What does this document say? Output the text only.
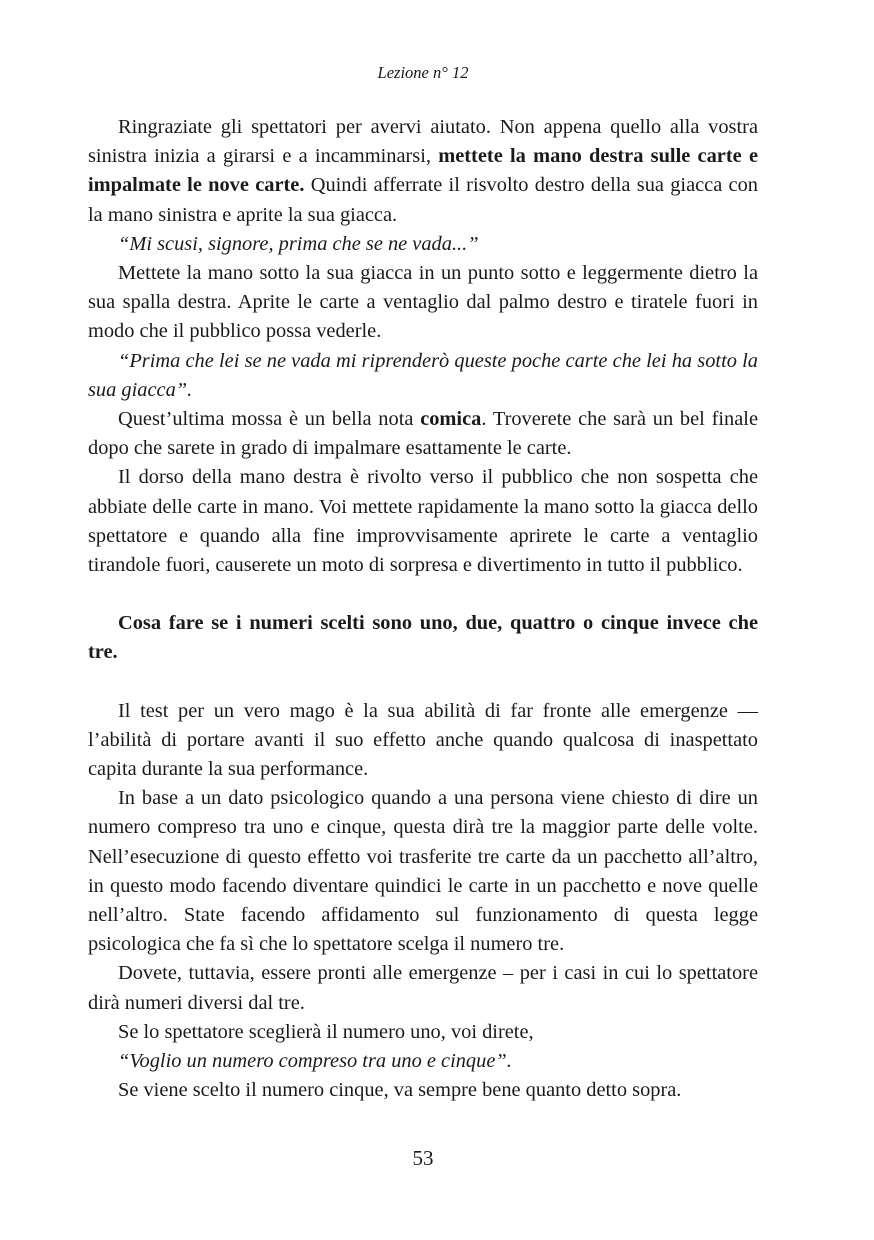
Lezione n° 12

Ringraziate gli spettatori per avervi aiutato. Non appena quello alla vostra sinistra inizia a girarsi e a incamminarsi, mettete la mano destra sulle carte e impalmate le nove carte. Quindi afferrate il risvolto destro della sua giacca con la mano sinistra e aprite la sua giacca.

“Mi scusi, signore, prima che se ne vada...”

Mettete la mano sotto la sua giacca in un punto sotto e leggermente dietro la sua spalla destra. Aprite le carte a ventaglio dal palmo destro e tiratele fuori in modo che il pubblico possa vederle.

“Prima che lei se ne vada mi riprenderò queste poche carte che lei ha sotto la sua giacca”.

Quest’ultima mossa è un bella nota comica. Troverete che sarà un bel finale dopo che sarete in grado di impalmare esattamente le carte.

Il dorso della mano destra è rivolto verso il pubblico che non sospetta che abbiate delle carte in mano. Voi mettete rapidamente la mano sotto la giacca dello spettatore e quando alla fine improvvisamente aprirete le carte a ventaglio tirandole fuori, causerete un moto di sorpresa e divertimento in tutto il pubblico.

Cosa fare se i numeri scelti sono uno, due, quattro o cinque invece che tre.

Il test per un vero mago è la sua abilità di far fronte alle emergenze — l’abilità di portare avanti il suo effetto anche quando qualcosa di inaspettato capita durante la sua performance.

In base a un dato psicologico quando a una persona viene chiesto di dire un numero compreso tra uno e cinque, questa dirà tre la maggior parte delle volte. Nell’esecuzione di questo effetto voi trasferite tre carte da un pacchetto all’altro, in questo modo facendo diventare quindici le carte in un pacchetto e nove quelle nell’altro. State facendo affidamento sul funzionamento di questa legge psicologica che fa sì che lo spettatore scelga il numero tre.

Dovete, tuttavia, essere pronti alle emergenze – per i casi in cui lo spettatore dirà numeri diversi dal tre.

Se lo spettatore sceglierà il numero uno, voi direte,

“Voglio un numero compreso tra uno e cinque”.

Se viene scelto il numero cinque, va sempre bene quanto detto sopra.

53
